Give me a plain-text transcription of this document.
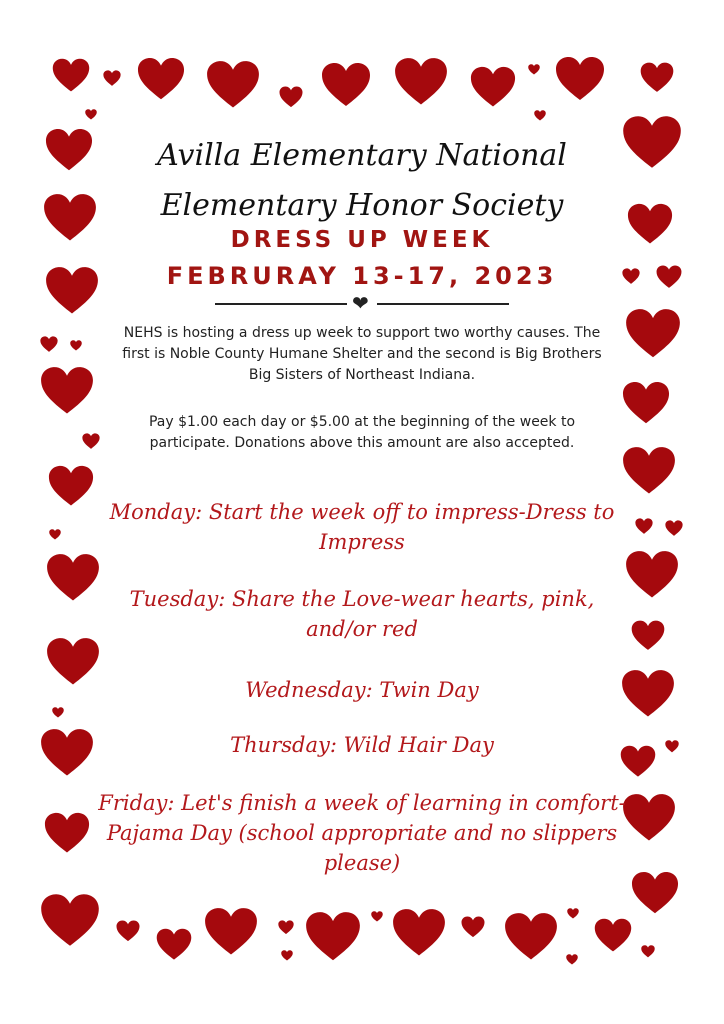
Avilla Elementary National
Elementary Honor Society
DRESS UP WEEK
FEBRURAY 13-17, 2023
❤
NEHS is hosting a dress up week to support two worthy causes. The first is Noble County Humane Shelter and the second is Big Brothers Big Sisters of Northeast Indiana.
Pay $1.00 each day or $5.00 at the beginning of the week to participate. Donations above this amount are also accepted.
Monday: Start the week off to impress-Dress to Impress
Tuesday: Share the Love-wear hearts, pink, and/or red
Wednesday: Twin Day
Thursday: Wild Hair Day
Friday: Let's finish a week of learning in comfort-Pajama Day (school appropriate and no slippers please)
